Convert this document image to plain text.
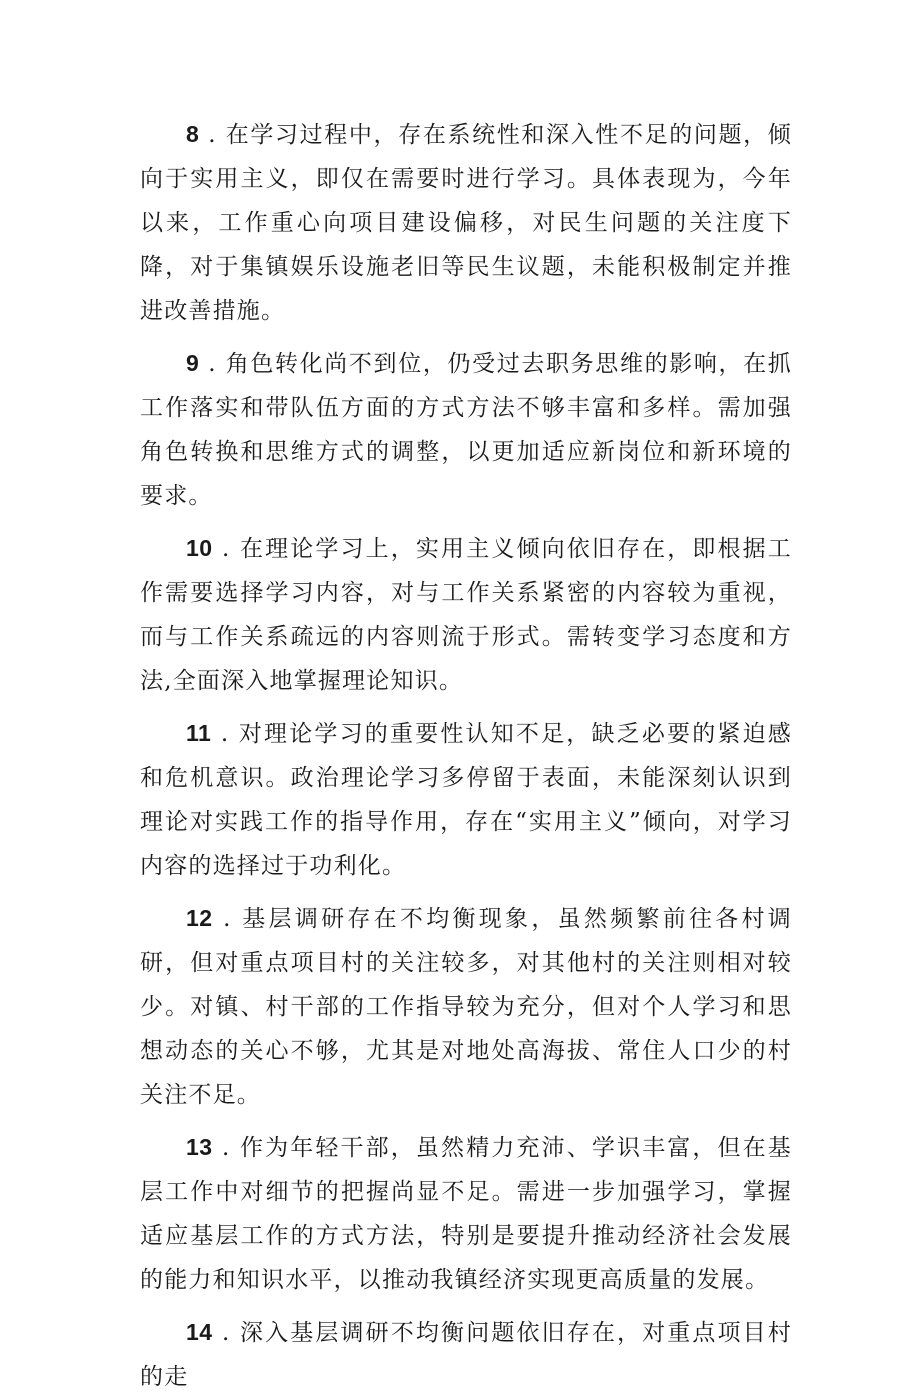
8 . 在学习过程中，存在系统性和深入性不足的问题，倾向于实用主义，即仅在需要时进行学习。具体表现为，今年以来，工作重心向项目建设偏移，对民生问题的关注度下降，对于集镇娱乐设施老旧等民生议题，未能积极制定并推进改善措施。

9 . 角色转化尚不到位，仍受过去职务思维的影响，在抓工作落实和带队伍方面的方式方法不够丰富和多样。需加强角色转换和思维方式的调整，以更加适应新岗位和新环境的要求。

10 . 在理论学习上，实用主义倾向依旧存在，即根据工作需要选择学习内容，对与工作关系紧密的内容较为重视，而与工作关系疏远的内容则流于形式。需转变学习态度和方法,全面深入地掌握理论知识。

11 . 对理论学习的重要性认知不足，缺乏必要的紧迫感和危机意识。政治理论学习多停留于表面，未能深刻认识到理论对实践工作的指导作用，存在“实用主义”倾向，对学习内容的选择过于功利化。

12 . 基层调研存在不均衡现象，虽然频繁前往各村调研，但对重点项目村的关注较多，对其他村的关注则相对较少。对镇、村干部的工作指导较为充分，但对个人学习和思想动态的关心不够，尤其是对地处高海拔、常住人口少的村关注不足。

13 . 作为年轻干部，虽然精力充沛、学识丰富，但在基层工作中对细节的把握尚显不足。需进一步加强学习，掌握适应基层工作的方式方法，特别是要提升推动经济社会发展的能力和知识水平，以推动我镇经济实现更高质量的发展。

14 . 深入基层调研不均衡问题依旧存在，对重点项目村的走
